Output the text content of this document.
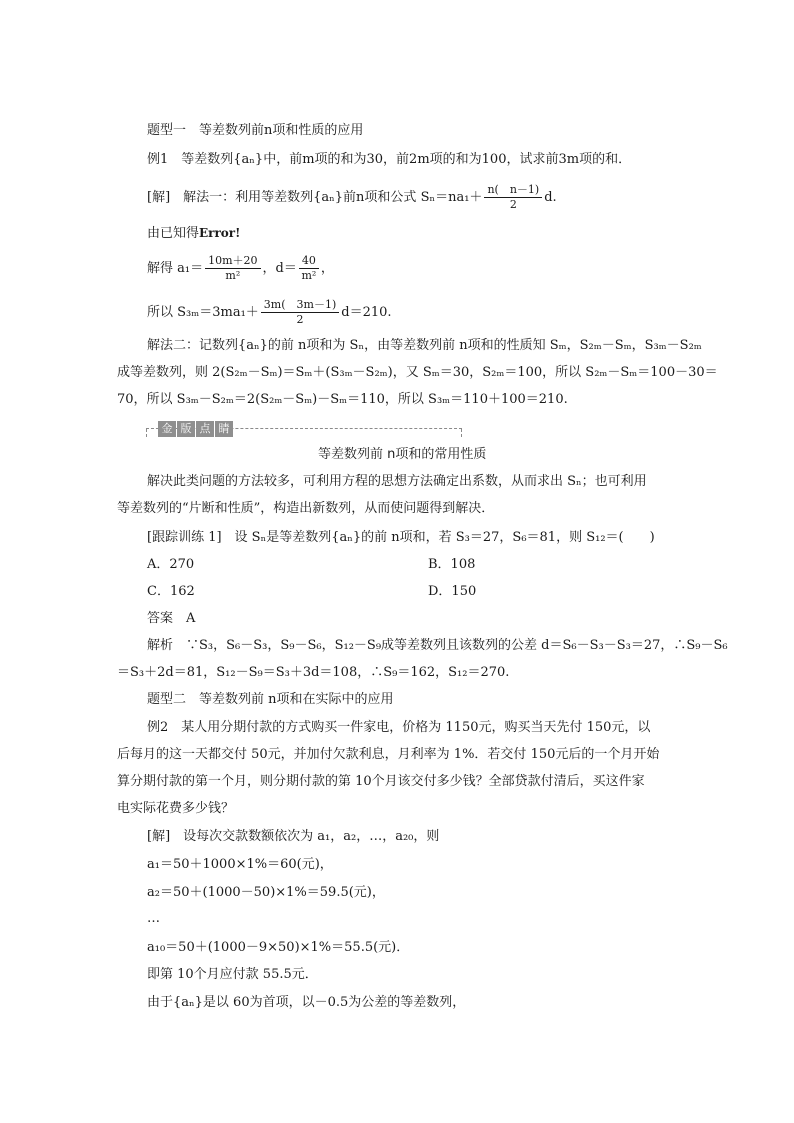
题型一　等差数列前n项和性质的应用
例1　等差数列{aₙ}中，前m项的和为30，前2m项的和为100，试求前3m项的和．
[解]　解法一：利用等差数列{aₙ}前n项和公式 $S_n=na_1+ \frac{n( n-1)}{2} d$.
由已知得Error!
解得 $a_1= \frac{10m+20}{\text{m²}}$ ，$d= \frac{40}{\text{m²}}$ ，
所以 $S_{3m}=3ma_1+ \frac{3m( 3m-1)}{2} d=210$.
解法二：记数列{aₙ}的前 n项和为 Sₙ，由等差数列前 n项和的性质知 Sₘ，S₂ₘ－Sₘ，S₃ₘ－S₂ₘ
成等差数列，则 2(S₂ₘ－Sₘ)＝Sₘ＋(S₃ₘ－S₂ₘ)，又 Sₘ＝30，S₂ₘ＝100，所以 S₂ₘ－Sₘ＝100－30＝
70，所以 S₃ₘ－S₂ₘ＝2(S₂ₘ－Sₘ)－Sₘ＝110，所以 S₃ₘ＝110＋100＝210.
金 版 点 睛
等差数列前 n项和的常用性质
解决此类问题的方法较多，可利用方程的思想方法确定出系数，从而求出 Sₙ；也可利用
等差数列的“片断和性质”，构造出新数列，从而使问题得到解决．
[跟踪训练 1]　设 Sₙ是等差数列{aₙ}的前 n项和，若 S₃＝27，S₆＝81，则 S₁₂＝(　　)
A．270	B．108
C．162	D．150
答案　A
解析　∵S₃，S₆－S₃，S₉－S₆，S₁₂－S₉成等差数列且该数列的公差 d＝S₆－S₃－S₃＝27，∴S₉－S₆
＝S₃＋2d＝81，S₁₂－S₉＝S₃＋3d＝108，∴S₉＝162，S₁₂＝270.
题型二　等差数列前 n项和在实际中的应用
例2　某人用分期付款的方式购买一件家电，价格为 1150元，购买当天先付 150元，以
后每月的这一天都交付 50元，并加付欠款利息，月利率为 1%．若交付 150元后的一个月开始
算分期付款的第一个月，则分期付款的第 10个月该交付多少钱？全部贷款付清后，买这件家
电实际花费多少钱？
[解]　设每次交款数额依次为 a₁，a₂，…，a₂₀，则
a₁＝50＋1000×1%＝60(元)，
a₂＝50＋(1000－50)×1%＝59.5(元)，
…
a₁₀＝50＋(1000－9×50)×1%＝55.5(元)．
即第 10个月应付款 55.5元．
由于{aₙ}是以 60为首项，以－0.5为公差的等差数列，
